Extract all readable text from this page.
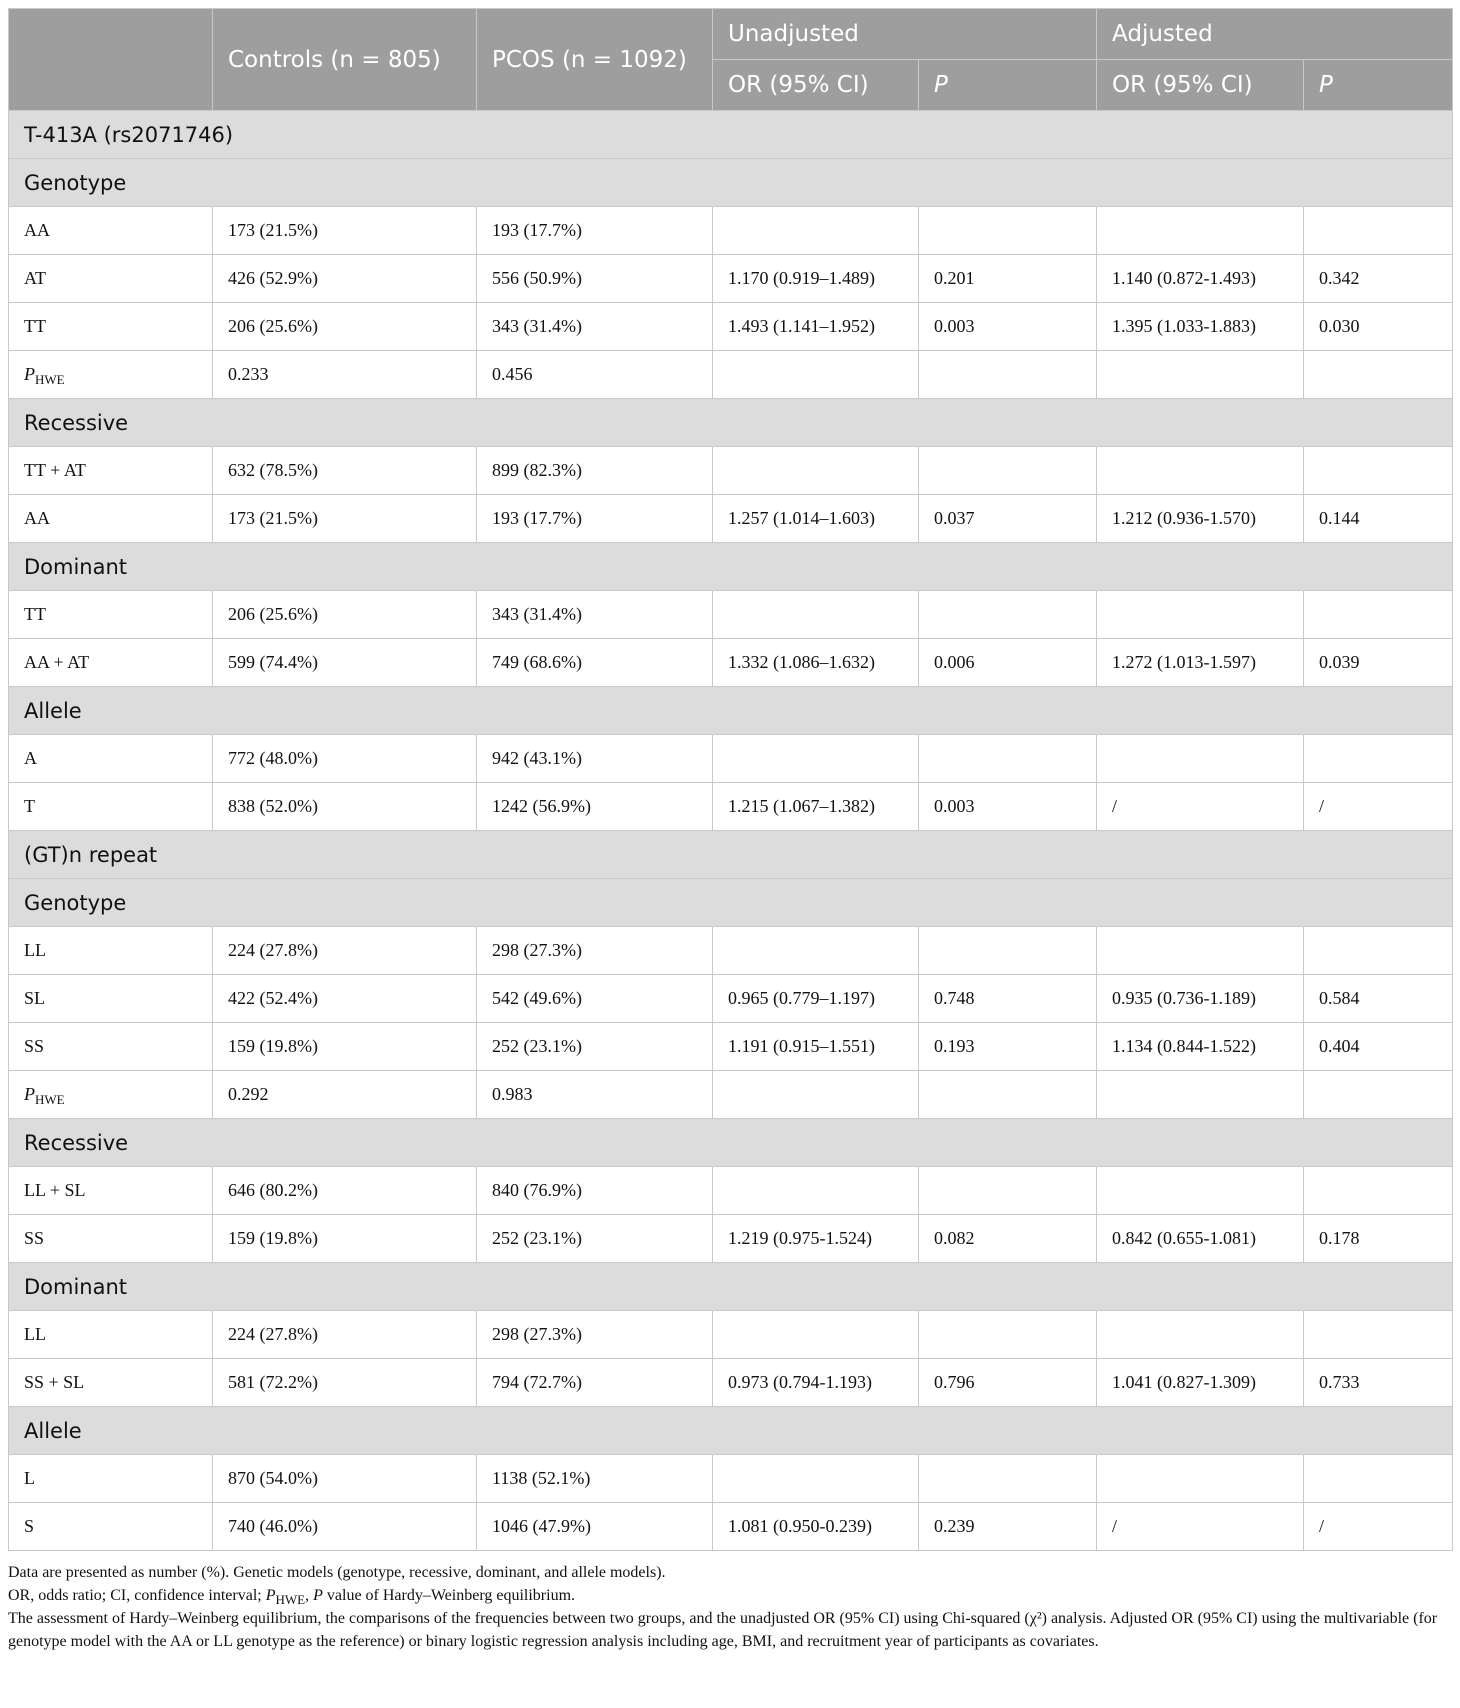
	Controls (n = 805)	PCOS (n = 1092)	Unadjusted		Adjusted	
			OR (95% CI)	P	OR (95% CI)	P
T-413A (rs2071746)						
Genotype						
AA	173 (21.5%)	193 (17.7%)				
AT	426 (52.9%)	556 (50.9%)	1.170 (0.919–1.489)	0.201	1.140 (0.872-1.493)	0.342
TT	206 (25.6%)	343 (31.4%)	1.493 (1.141–1.952)	0.003	1.395 (1.033-1.883)	0.030
$P_{HWE}$	0.233	0.456				
Recessive						
TT + AT	632 (78.5%)	899 (82.3%)				
AA	173 (21.5%)	193 (17.7%)	1.257 (1.014–1.603)	0.037	1.212 (0.936-1.570)	0.144
Dominant						
TT	206 (25.6%)	343 (31.4%)				
AA + AT	599 (74.4%)	749 (68.6%)	1.332 (1.086–1.632)	0.006	1.272 (1.013-1.597)	0.039
Allele						
A	772 (48.0%)	942 (43.1%)				
T	838 (52.0%)	1242 (56.9%)	1.215 (1.067–1.382)	0.003	/	/
(GT)n repeat						
Genotype						
LL	224 (27.8%)	298 (27.3%)				
SL	422 (52.4%)	542 (49.6%)	0.965 (0.779–1.197)	0.748	0.935 (0.736-1.189)	0.584
SS	159 (19.8%)	252 (23.1%)	1.191 (0.915–1.551)	0.193	1.134 (0.844-1.522)	0.404
$P_{HWE}$	0.292	0.983				
Recessive						
LL + SL	646 (80.2%)	840 (76.9%)				
SS	159 (19.8%)	252 (23.1%)	1.219 (0.975-1.524)	0.082	0.842 (0.655-1.081)	0.178
Dominant						
LL	224 (27.8%)	298 (27.3%)				
SS + SL	581 (72.2%)	794 (72.7%)	0.973 (0.794-1.193)	0.796	1.041 (0.827-1.309)	0.733
Allele						
L	870 (54.0%)	1138 (52.1%)				
S	740 (46.0%)	1046 (47.9%)	1.081 (0.950-0.239)	0.239	/	/

Data are presented as number (%). Genetic models (genotype, recessive, dominant, and allele models).

OR, odds ratio; CI, confidence interval; $P_{HWE}$, P value of Hardy–Weinberg equilibrium.

The assessment of Hardy–Weinberg equilibrium, the comparisons of the frequencies between two groups, and the unadjusted OR (95% CI) using Chi-squared (χ²) analysis. Adjusted OR (95% CI) using the multivariable (for genotype model with the AA or LL genotype as the reference) or binary logistic regression analysis including age, BMI, and recruitment year of participants as covariates.
